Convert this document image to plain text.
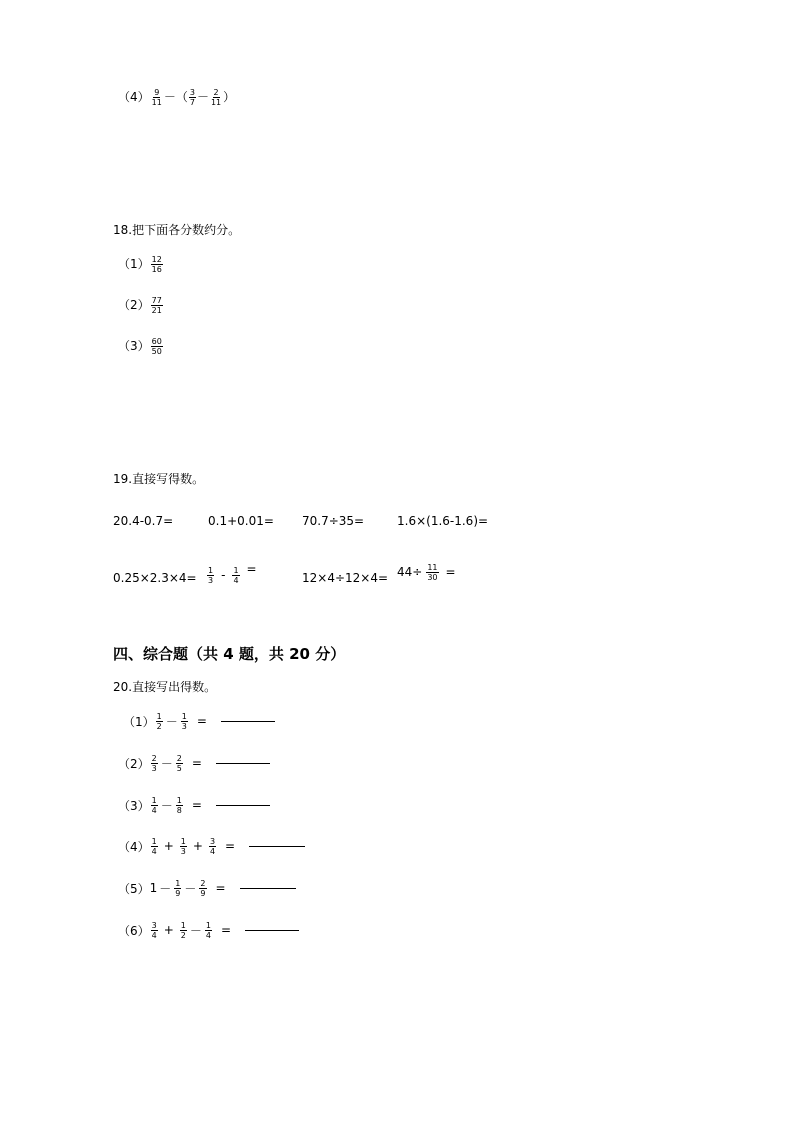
$(4) \frac{9}{11}$ －（ $\frac{3}{7} - \frac{2}{11}$ ）
18.把下面各分数约分。
$(1) \frac{12}{16}$
$(2) \frac{77}{21}$
$(3) \frac{60}{50}$
19.直接写得数。
20.4-0.7=	0.1+0.01= 70.7÷35=	1.6×(1.6-1.6)=
$0.25\times 2.3\times 4= \frac{1}{3} - \frac{1}{4}$ =
$12\times 4\div 12\times 4= 44\div \frac{11}{30}$ =
四、综合题（共 4 题，共 20 分）
20.直接写出得数。
$(1) \frac{1}{2} - \frac{1}{3}$ =
$(2) \frac{2}{3} - \frac{2}{5}$ =
$(3) \frac{1}{4} - \frac{1}{8}$ =
$(4) \frac{1}{4} + \frac{1}{3} + \frac{3}{4}$ =
（5） $1 - \frac{1}{9} - \frac{2}{9}$ =
$(6) \frac{3}{4} + \frac{1}{2} - \frac{1}{4}$ =
